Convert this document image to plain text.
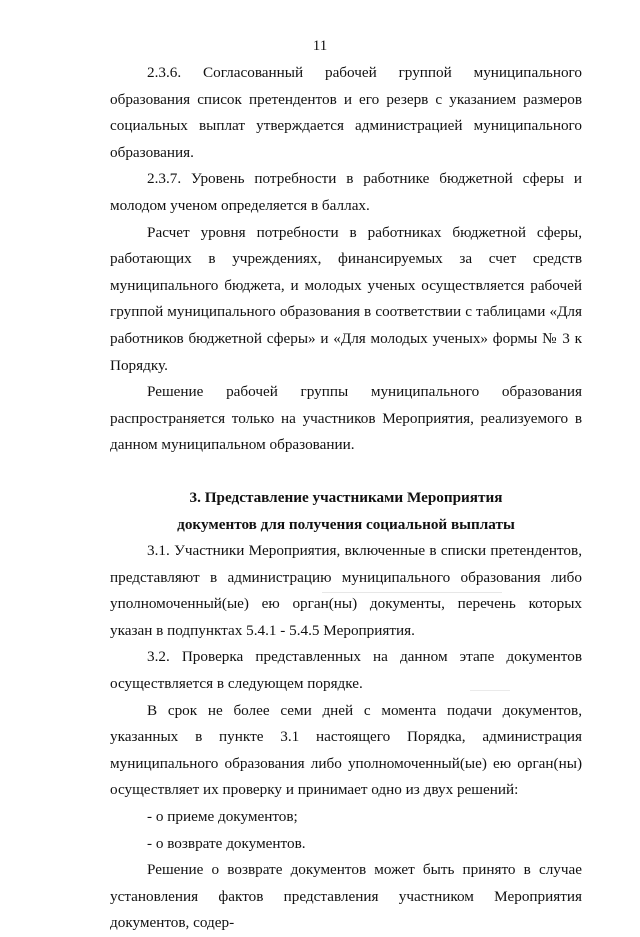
11

2.3.6. Согласованный рабочей группой муниципального образования список претендентов и его резерв с указанием размеров социальных выплат утверждается администрацией муниципального образования.

2.3.7. Уровень потребности в работнике бюджетной сферы и молодом ученом определяется в баллах.

Расчет уровня потребности в работниках бюджетной сферы, работающих в учреждениях, финансируемых за счет средств муниципального бюджета, и молодых ученых осуществляется рабочей группой муниципального образования в соответствии с таблицами «Для работников бюджетной сферы» и «Для молодых ученых» формы № 3 к Порядку.

Решение рабочей группы муниципального образования распространяется только на участников Мероприятия, реализуемого в данном муниципальном образовании.

3. Представление участниками Мероприятия
документов для получения социальной выплаты

3.1. Участники Мероприятия, включенные в списки претендентов, представляют в администрацию муниципального образования либо уполномоченный(ые) ею орган(ны) документы, перечень которых указан в подпунктах 5.4.1 - 5.4.5 Мероприятия.

3.2. Проверка представленных на данном этапе документов осуществляется в следующем порядке.

В срок не более семи дней с момента подачи документов, указанных в пункте 3.1 настоящего Порядка, администрация муниципального образования либо уполномоченный(ые) ею орган(ны) осуществляет их проверку и принимает одно из двух решений:

- о приеме документов;

- о возврате документов.

Решение о возврате документов может быть принято в случае установления фактов представления участником Мероприятия документов, содер-
